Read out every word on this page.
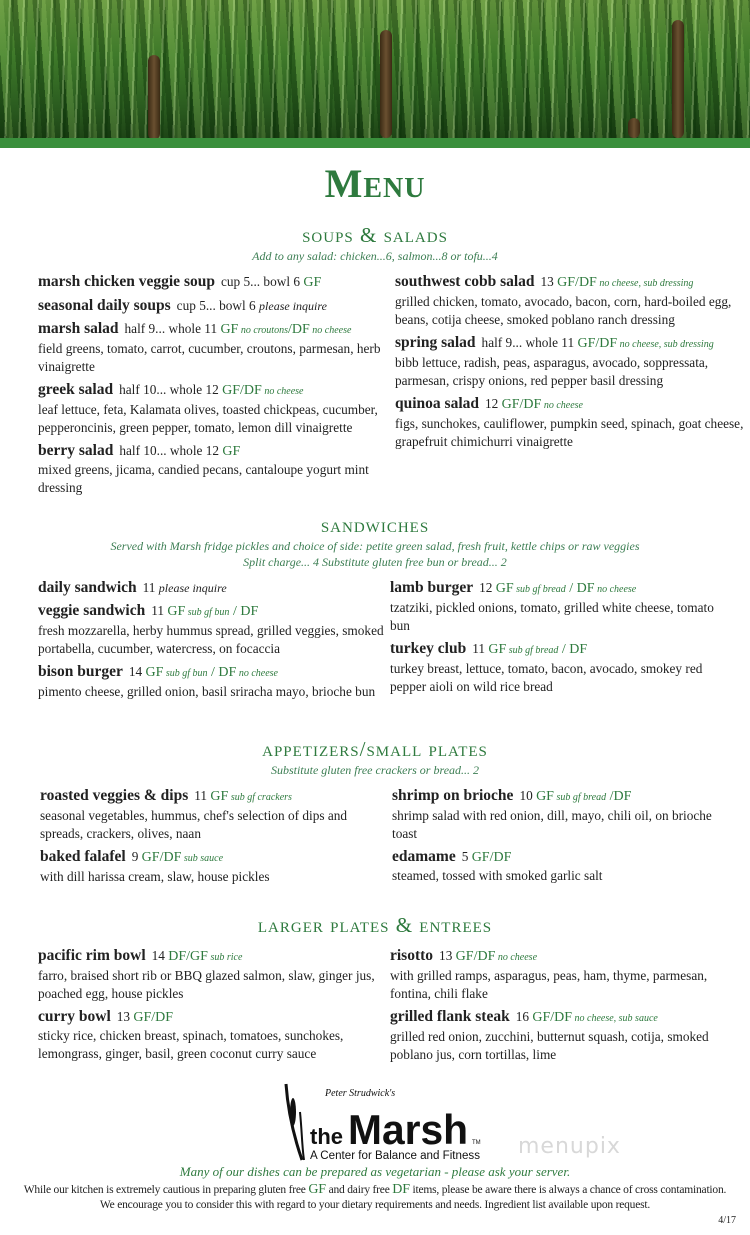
Menu
soups & salads
Add to any salad: chicken...6, salmon...8 or tofu...4
marsh chicken veggie soup cup 5... bowl 6 GF
seasonal daily soups cup 5... bowl 6 please inquire
marsh salad half 9... whole 11 GF no croutons/DF no cheese
field greens, tomato, carrot, cucumber, croutons, parmesan, herb vinaigrette
greek salad half 10... whole 12 GF/DF no cheese
leaf lettuce, feta, Kalamata olives, toasted chickpeas, cucumber, pepperoncinis, green pepper, tomato, lemon dill vinaigrette
berry salad half 10... whole 12 GF
mixed greens, jicama, candied pecans, cantaloupe yogurt mint dressing
southwest cobb salad 13 GF/DF no cheese, sub dressing
grilled chicken, tomato, avocado, bacon, corn, hard-boiled egg, beans, cotija cheese, smoked poblano ranch dressing
spring salad half 9... whole 11 GF/DF no cheese, sub dressing
bibb lettuce, radish, peas, asparagus, avocado, soppressata, parmesan, crispy onions, red pepper basil dressing
quinoa salad 12 GF/DF no cheese
figs, sunchokes, cauliflower, pumpkin seed, spinach, goat cheese, grapefruit chimichurri vinaigrette
sandwiches
Served with Marsh fridge pickles and choice of side: petite green salad, fresh fruit, kettle chips or raw veggies
Split charge... 4 Substitute gluten free bun or bread... 2
daily sandwich 11 please inquire
veggie sandwich 11 GF sub gf bun / DF
fresh mozzarella, herby hummus spread, grilled veggies, smoked portabella, cucumber, watercress, on focaccia
bison burger 14 GF sub gf bun / DF no cheese
pimento cheese, grilled onion, basil sriracha mayo, brioche bun
lamb burger 12 GF sub gf bread / DF no cheese
tzatziki, pickled onions, tomato, grilled white cheese, tomato bun
turkey club 11 GF sub gf bread / DF
turkey breast, lettuce, tomato, bacon, avocado, smokey red pepper aioli on wild rice bread
appetizers/small plates
Substitute gluten free crackers or bread... 2
roasted veggies & dips 11 GF sub gf crackers
seasonal vegetables, hummus, chef's selection of dips and spreads, crackers, olives, naan
baked falafel 9 GF/DF sub sauce
with dill harissa cream, slaw, house pickles
shrimp on brioche 10 GF sub gf bread /DF
shrimp salad with red onion, dill, mayo, chili oil, on brioche toast
edamame 5 GF/DF
steamed, tossed with smoked garlic salt
larger plates & entrees
pacific rim bowl 14 DF/GF sub rice
farro, braised short rib or BBQ glazed salmon, slaw, ginger jus, poached egg, house pickles
curry bowl 13 GF/DF
sticky rice, chicken breast, spinach, tomatoes, sunchokes, lemongrass, ginger, basil, green coconut curry sauce
risotto 13 GF/DF no cheese
with grilled ramps, asparagus, peas, ham, thyme, parmesan, fontina, chili flake
grilled flank steak 16 GF/DF no cheese, sub sauce
grilled red onion, zucchini, butternut squash, cotija, smoked poblano jus, corn tortillas, lime
Peter Strudwick's
the Marsh TM
A Center for Balance and Fitness menupix
Many of our dishes can be prepared as vegetarian - please ask your server.
While our kitchen is extremely cautious in preparing gluten free GF and dairy free DF items, please be aware there is always a chance of cross contamination. We encourage you to consider this with regard to your dietary requirements and needs. Ingredient list available upon request.
4/17
